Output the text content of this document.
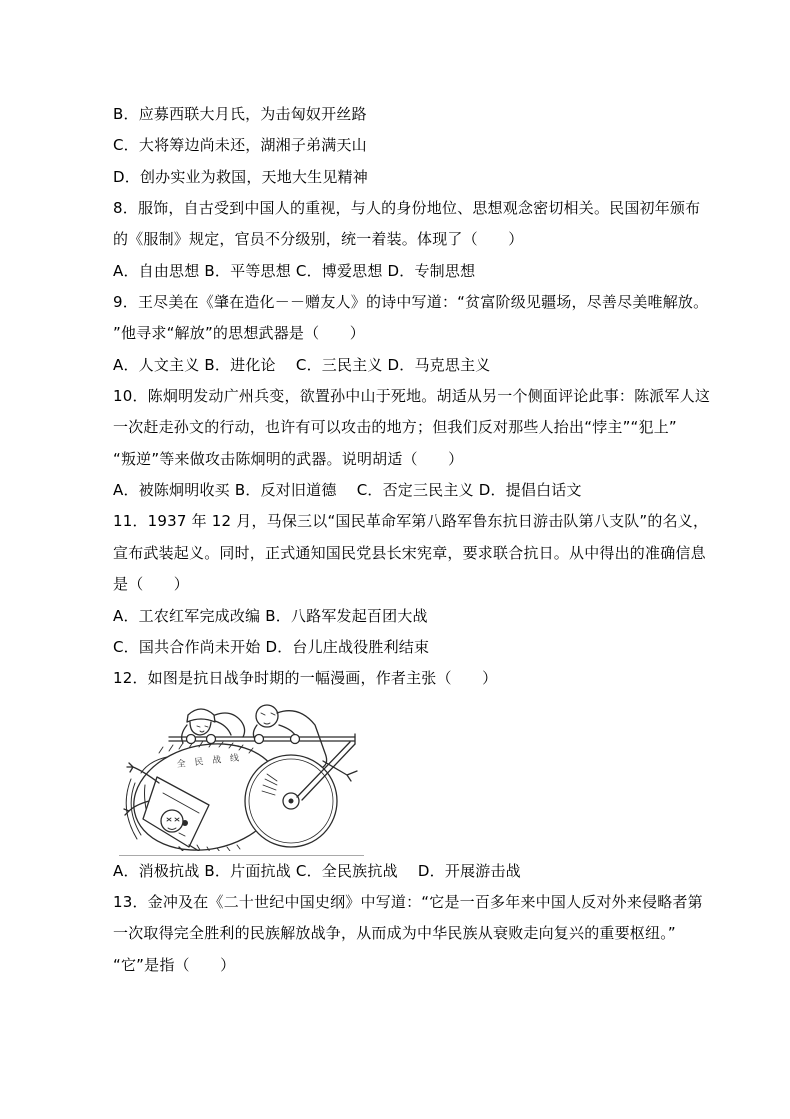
B．应募西联大月氏，为击匈奴开丝路
C．大将筹边尚未还，湖湘子弟满天山
D．创办实业为救国，天地大生见精神
8．服饰，自古受到中国人的重视，与人的身份地位、思想观念密切相关。民国初年颁布
的《服制》规定，官员不分级别，统一着装。体现了（　　）
A．自由思想 B．平等思想 C．博爱思想 D．专制思想
9．王尽美在《肇在造化－－赠友人》的诗中写道：“贫富阶级见疆场，尽善尽美唯解放。
”他寻求“解放”的思想武器是（　　）
A．人文主义 B．进化论　 C．三民主义 D．马克思主义
10．陈炯明发动广州兵变，欲置孙中山于死地。胡适从另一个侧面评论此事：陈派军人这
一次赶走孙文的行动，也许有可以攻击的地方；但我们反对那些人抬出“悖主”“犯上”
“叛逆”等来做攻击陈炯明的武器。说明胡适（　　）
A．被陈炯明收买 B．反对旧道德　 C．否定三民主义 D．提倡白话文
11．1937 年 12 月，马保三以“国民革命军第八路军鲁东抗日游击队第八支队”的名义，
宣布武装起义。同时，正式通知国民党县长宋宪章，要求联合抗日。从中得出的准确信息
是（　　）
A．工农红军完成改编 B．八路军发起百团大战
C．国共合作尚未开始 D．台儿庄战役胜利结束
12．如图是抗日战争时期的一幅漫画，作者主张（　　）
全 民 战 线
A．消极抗战 B．片面抗战 C．全民族抗战　 D．开展游击战
13．金冲及在《二十世纪中国史纲》中写道：“它是一百多年来中国人反对外来侵略者第
一次取得完全胜利的民族解放战争，从而成为中华民族从衰败走向复兴的重要枢纽。”
“它”是指（　　）
